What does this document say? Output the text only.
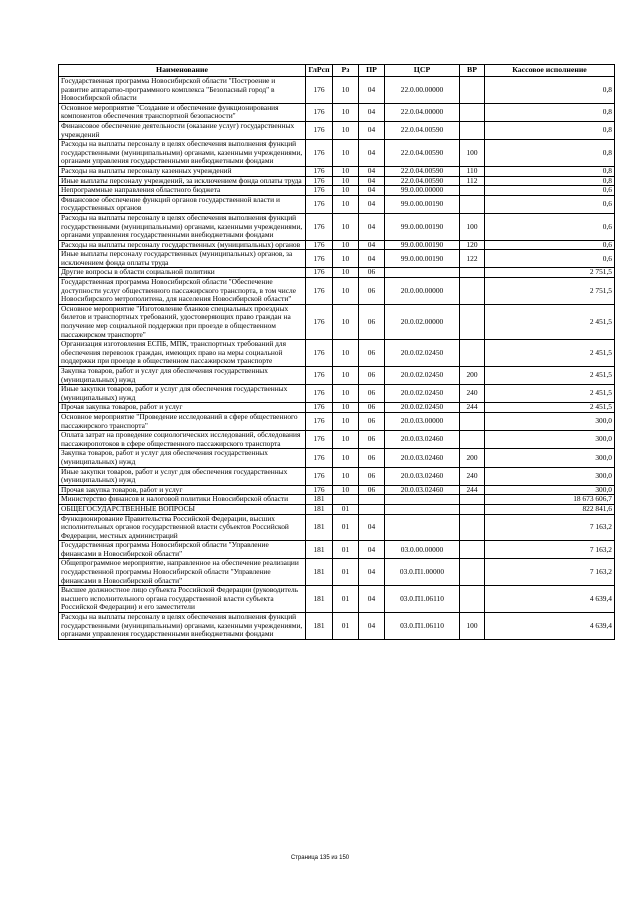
Наименование	ГлРсп	Рз	ПР	ЦСР	ВР	Кассовое исполнение
Государственная программа Новосибирской области "Построение и развитие аппаратно-программного комплекса "Безопасный город" в Новосибирской области	176	10	04	22.0.00.00000		0,8
Основное мероприятие "Создание и обеспечение функционирования компонентов обеспечения транспортной безопасности"	176	10	04	22.0.04.00000		0,8
Финансовое обеспечение деятельности (оказание услуг) государственных учреждений	176	10	04	22.0.04.00590		0,8
Расходы на выплаты персоналу в целях обеспечения выполнения функций государственными (муниципальными) органами, казенными учреждениями, органами управления государственными внебюджетными фондами	176	10	04	22.0.04.00590	100	0,8
Расходы на выплаты персоналу казенных учреждений	176	10	04	22.0.04.00590	110	0,8
Иные выплаты персоналу учреждений, за исключением фонда оплаты труда	176	10	04	22.0.04.00590	112	0,8
Непрограммные направления областного бюджета	176	10	04	99.0.00.00000		0,6
Финансовое обеспечение функций органов государственной власти и государственных органов	176	10	04	99.0.00.00190		0,6
Расходы на выплаты персоналу в целях обеспечения выполнения функций государственными (муниципальными) органами, казенными учреждениями, органами управления государственными внебюджетными фондами	176	10	04	99.0.00.00190	100	0,6
Расходы на выплаты персоналу государственных (муниципальных) органов	176	10	04	99.0.00.00190	120	0,6
Иные выплаты персоналу государственных (муниципальных) органов, за исключением фонда оплаты труда	176	10	04	99.0.00.00190	122	0,6
Другие вопросы в области социальной политики	176	10	06			2 751,5
Государственная программа Новосибирской области "Обеспечение доступности услуг общественного пассажирского транспорта, в том числе Новосибирского метрополитена, для населения Новосибирской области"	176	10	06	20.0.00.00000		2 751,5
Основное мероприятие "Изготовление бланков специальных проездных билетов и транспортных требований, удостоверяющих право граждан на получение мер социальной поддержки при проезде в общественном пассажирском транспорте"	176	10	06	20.0.02.00000		2 451,5
Организация изготовления ЕСПБ, МПК, транспортных требований для обеспечения перевозок граждан, имеющих право на меры социальной поддержки при проезде в общественном пассажирском транспорте	176	10	06	20.0.02.02450		2 451,5
Закупка товаров, работ и услуг для обеспечения государственных (муниципальных) нужд	176	10	06	20.0.02.02450	200	2 451,5
Иные закупки товаров, работ и услуг для обеспечения государственных (муниципальных) нужд	176	10	06	20.0.02.02450	240	2 451,5
Прочая закупка товаров, работ и услуг	176	10	06	20.0.02.02450	244	2 451,5
Основное мероприятие "Проведение исследований в сфере общественного пассажирского транспорта"	176	10	06	20.0.03.00000		300,0
Оплата затрат на проведение социологических исследований, обследования пассажиропотоков в сфере общественного пассажирского транспорта	176	10	06	20.0.03.02460		300,0
Закупка товаров, работ и услуг для обеспечения государственных (муниципальных) нужд	176	10	06	20.0.03.02460	200	300,0
Иные закупки товаров, работ и услуг для обеспечения государственных (муниципальных) нужд	176	10	06	20.0.03.02460	240	300,0
Прочая закупка товаров, работ и услуг	176	10	06	20.0.03.02460	244	300,0
Министерство финансов и налоговой политики Новосибирской области	181					18 673 606,7
ОБЩЕГОСУДАРСТВЕННЫЕ ВОПРОСЫ	181	01				822 841,6
Функционирование Правительства Российской Федерации, высших исполнительных органов государственной власти субъектов Российской Федерации, местных администраций	181	01	04			7 163,2
Государственная программа Новосибирской области "Управление финансами в Новосибирской области"	181	01	04	03.0.00.00000		7 163,2
Общепрограммное мероприятие, направленное на обеспечение реализации государственной программы Новосибирской области "Управление финансами в Новосибирской области"	181	01	04	03.0.П1.00000		7 163,2
Высшее должностное лицо субъекта Российской Федерации (руководитель высшего исполнительного органа государственной власти субъекта Российской Федерации) и его заместители	181	01	04	03.0.П1.06110		4 639,4
Расходы на выплаты персоналу в целях обеспечения выполнения функций государственными (муниципальными) органами, казенными учреждениями, органами управления государственными внебюджетными фондами	181	01	04	03.0.П1.06110	100	4 639,4
Страница 135 из 150
